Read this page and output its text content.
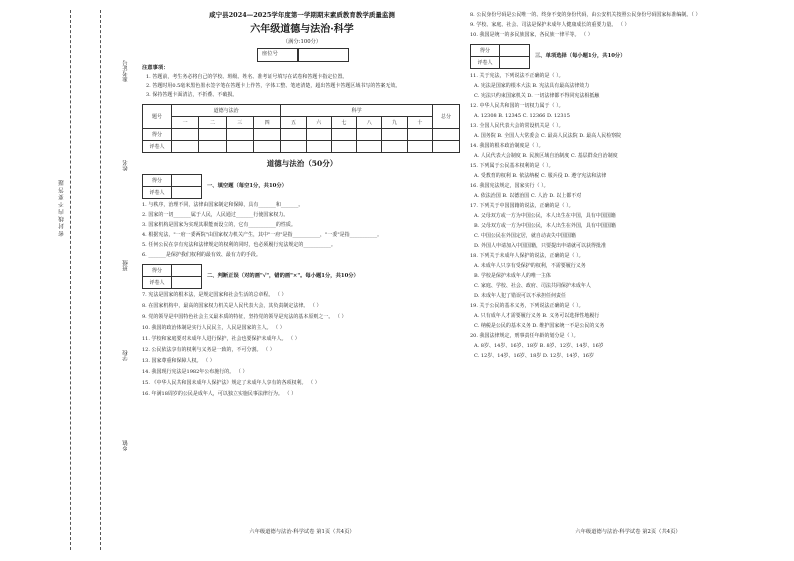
准考证号
姓名
班级
学校
乡镇
密 封 线 内 不 要 答 题
咸宁县2024—2025学年度第一学期期末素质教育教学质量监测
六年级道德与法治·科学
（满分:100分）
座位号
注意事项：
1. 答题前，考生务必将自己的学校、班级、姓名、准考证号填写在试卷和答题卡指定位置。
2. 答题时用0.5毫米黑色墨水签字笔在答题卡上作答，字体工整、笔迹清楚，超出答题卡答题区域书写的答案无效。
3. 保持答题卡面清洁，不折叠、不破损。
题号	道德与法治				科学						总分
	一	二	三	四	五	六	七	八	九	十	
得分											
评卷人											
道德与法治（50分）
得分	
评卷人	
一、填空题（每空1分，共10分）
1. 与秩序，治理不同，法律由国家制定和保障，具有_______和_______。
2. 国家的一切_______属于人民，人民通过_______行使国家权力。
3. 国家机构是国家为实现其职能而设立的，它有___________的性质。
4. 根据宪法，"一府一委两院"由国家权力机关产生，其中"一府"是指___________，"一委"是指___________。
5. 任何公民在享有宪法和法律规定的权利的同时，也必须履行宪法规定的___________。
6. _______是保护我们权利的最有效、最有力的手段。
得分	
评卷人	
二、判断正误（对的画"√"，错的画"×"。每小题1分，共10分）
7. 宪法是国家的根本法，是规定国家和社会生活的总章程。 （ ）
8. 在国家机构中，最高的国家权力机关是人民代表大会，其负责制定法律。 （ ）
9. 党的领导是中国特色社会主义最本质的特征，坚持党的领导是宪法的基本原则之一。 （ ）
10. 我国的政治体制是实行人民民主，人民是国家的主人。 （ ）
11. 学校和家庭要对未成年人进行保护，社会也要保护未成年人。 （ ）
12. 公民依法享有的权利与义务是一致的，不可分割。 （ ）
13. 国家尊重和保障人权。 （ ）
14. 我国现行宪法是1982年公布施行的。 （ ）
15. 《中华人民共和国未成年人保护法》规定了未成年人享有的各项权利。 （ ）
16. 年满18周岁的公民是成年人，可以独立实施民事法律行为。 （ ）
六年级道德与法治·科学试卷 第1页（共4页）
8. 公民身份号码是公民唯一的、终身不变的身份代码，由公安机关按照公民身份号码国家标准编制。（ ）
9. 学校、家庭、社会、司法是保护未成年人健康成长的重要力量。 （ ）
10. 我国是统一的多民族国家，各民族一律平等。 （ ）
得分	
评卷人	
三、单项选择（每小题1分，共10分）
11. 关于宪法，下列说法不正确的是（ ）。
A. 宪法是国家的根本大法 B. 宪法具有最高法律效力
C. 宪法只约束国家机关 D. 一切法律都不得同宪法相抵触
12. 中华人民共和国的一切权力属于（ ）。
A. 12308 B. 12345 C. 12366 D. 12315
13. 全国人民代表大会的常设机关是（ ）。
A. 国务院 B. 全国人大常委会 C. 最高人民法院 D. 最高人民检察院
14. 我国的根本政治制度是（ ）。
A. 人民代表大会制度 B. 民族区域自治制度 C. 基层群众自治制度
15. 下列属于公民基本权利的是（ ）。
A. 受教育的权利 B. 依法纳税 C. 服兵役 D. 遵守宪法和法律
16. 我国宪法规定，国家实行（ ）。
A. 依法治国 B. 以德治国 C. 人治 D. 以上都不对
17. 下列关于中国国籍的说法，正确的是（ ）。
A. 父母双方或一方为中国公民，本人出生在中国，具有中国国籍
B. 父母双方或一方为中国公民，本人出生在外国，具有中国国籍
C. 中国公民在外国定居，就自动丧失中国国籍
D. 外国人申请加入中国国籍，只要提出申请就可以获得批准
18. 下列关于未成年人保护的说法，正确的是（ ）。
A. 未成年人只享有受保护的权利，不需要履行义务
B. 学校是保护未成年人的唯一主体
C. 家庭、学校、社会、政府、司法共同保护未成年人
D. 未成年人犯了错误可以不承担任何责任
19. 关于公民的基本义务，下列说法正确的是（ ）。
A. 只有成年人才需要履行义务 B. 义务可以选择性地履行
C. 纳税是公民的基本义务 D. 维护国家统一不是公民的义务
20. 我国法律规定，刑事责任年龄的划分是（ ）。
A. 8岁、14岁、16岁、18岁 B. 8岁、12岁、14岁、16岁
C. 12岁、14岁、16岁、18岁 D. 12岁、14岁、16岁
六年级道德与法治·科学试卷 第2页（共4页）
